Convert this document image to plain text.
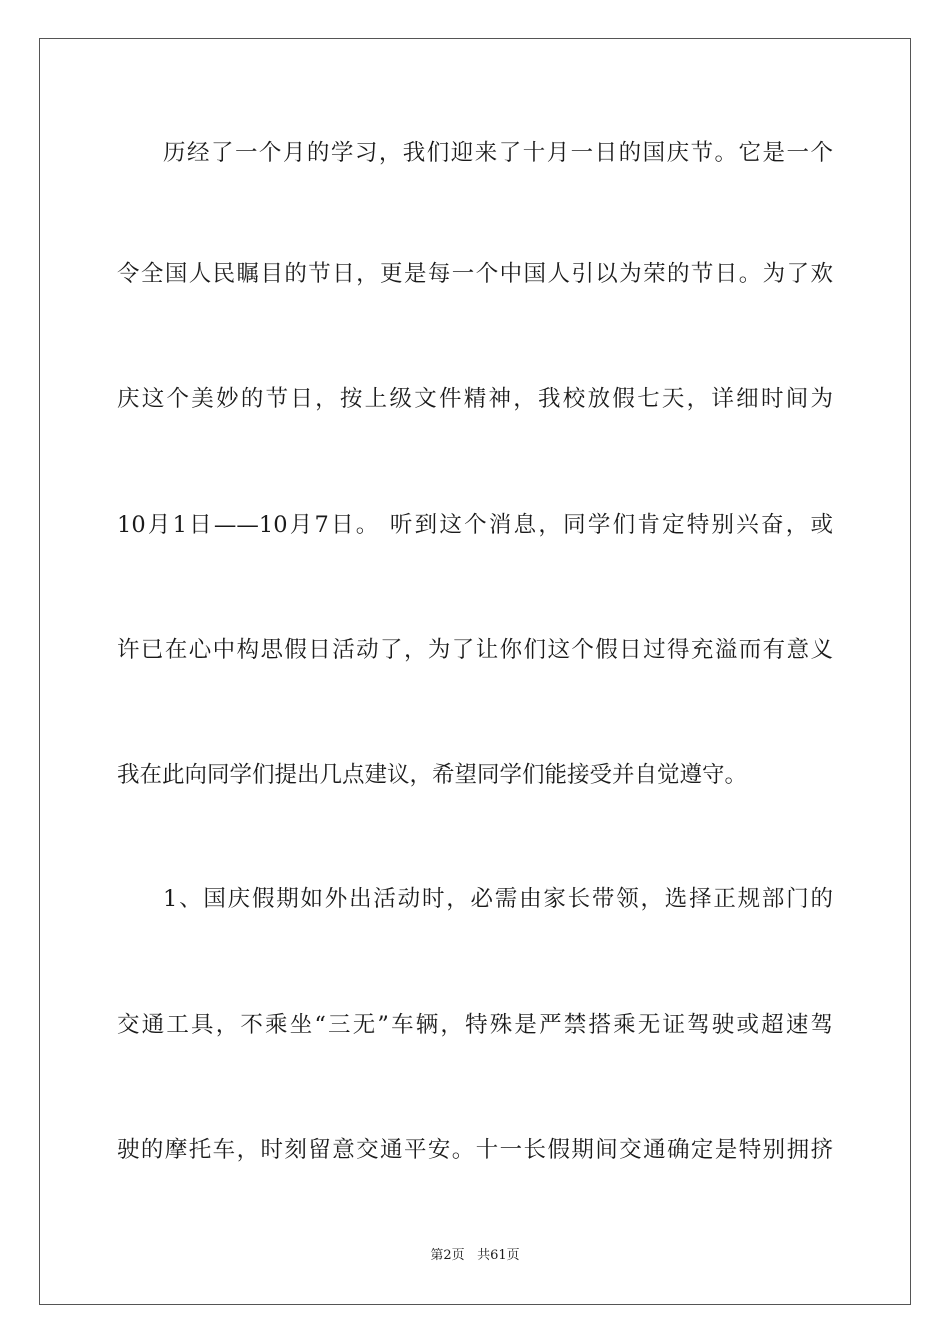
历经了一个月的学习，我们迎来了十月一日的国庆节。它是一个
令全国人民瞩目的节日，更是每一个中国人引以为荣的节日。为了欢
庆这个美妙的节日，按上级文件精神，我校放假七天，详细时间为
10月1日——10月7日。 听到这个消息，同学们肯定特别兴奋，或
许已在心中构思假日活动了，为了让你们这个假日过得充溢而有意义
我在此向同学们提出几点建议，希望同学们能接受并自觉遵守。
1、国庆假期如外出活动时，必需由家长带领，选择正规部门的
交通工具，不乘坐“三无”车辆，特殊是严禁搭乘无证驾驶或超速驾
驶的摩托车，时刻留意交通平安。十一长假期间交通确定是特别拥挤
第2页 共61页
